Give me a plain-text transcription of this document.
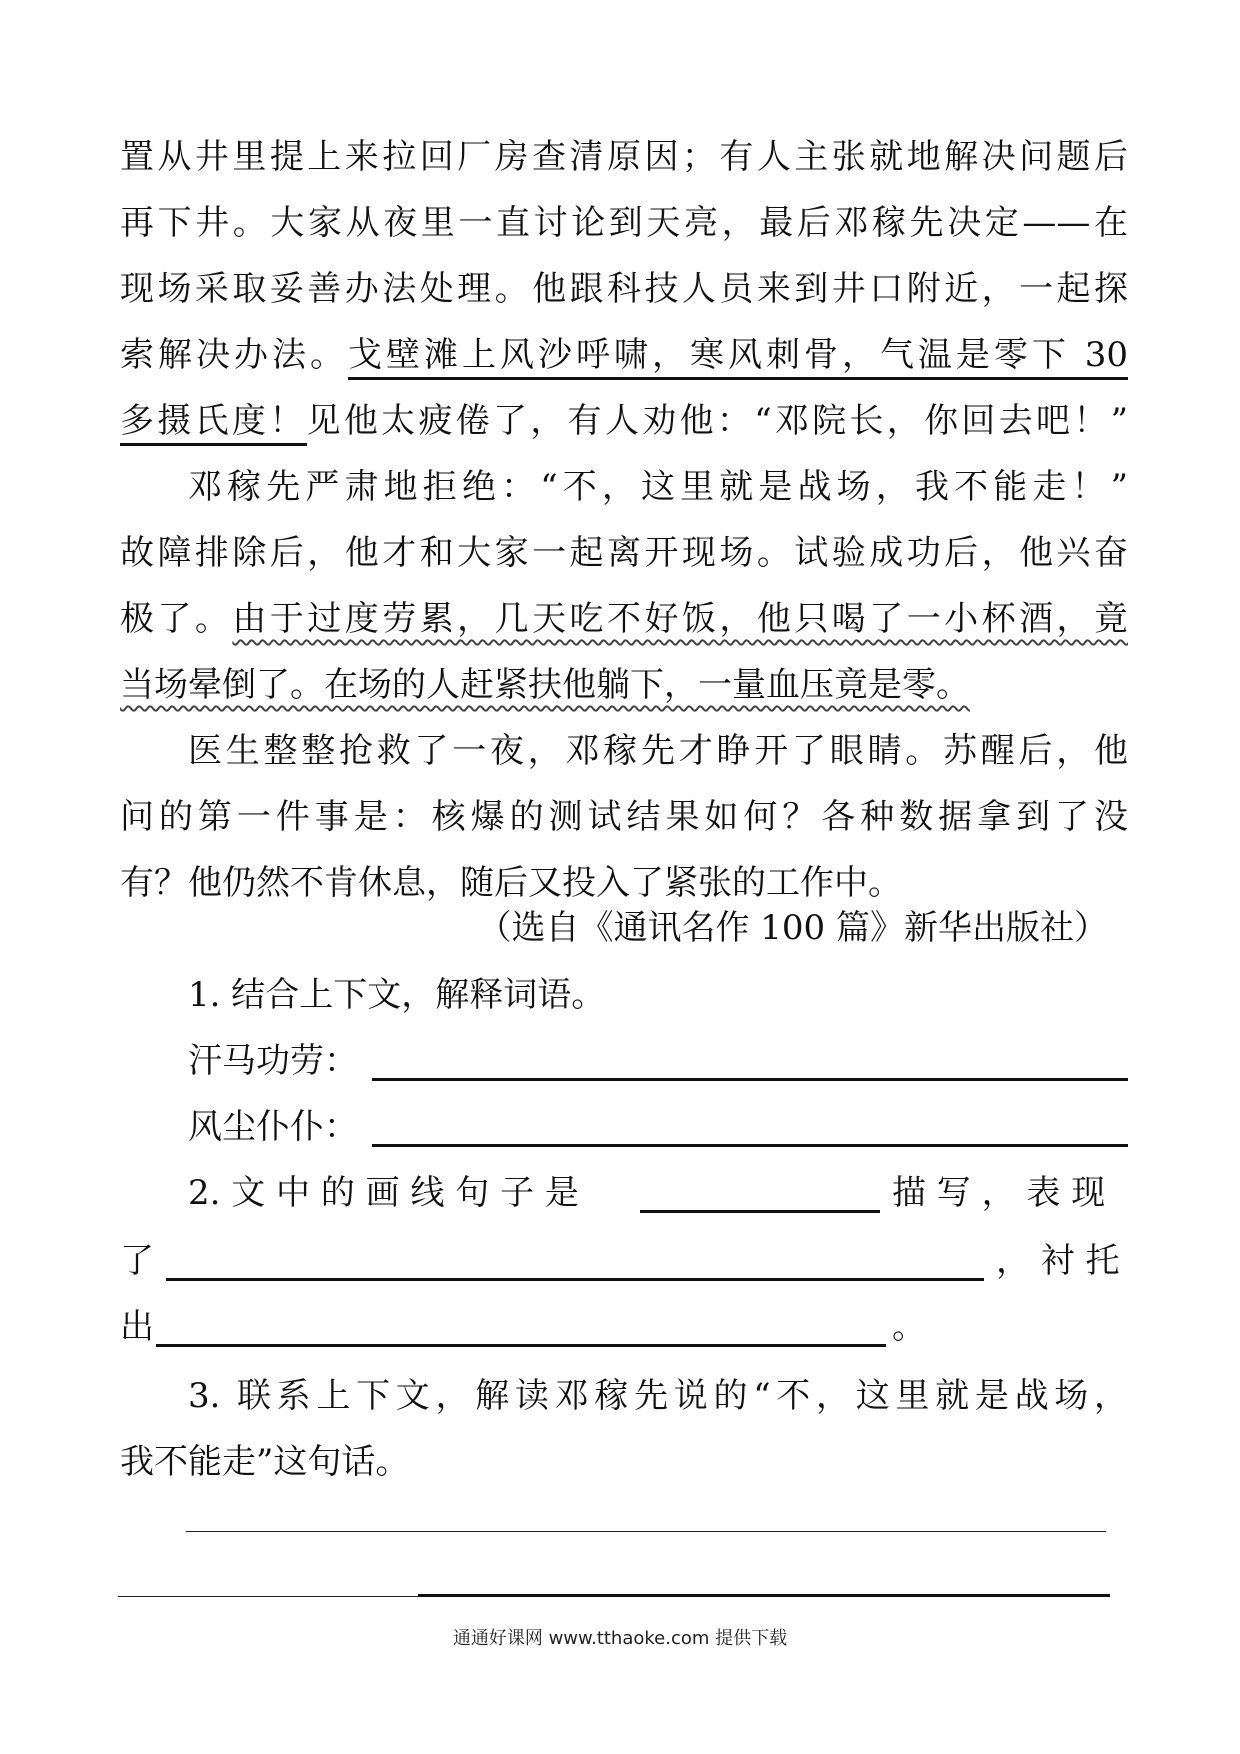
置从井里提上来拉回厂房查清原因；有人主张就地解决问题后
再下井。大家从夜里一直讨论到天亮，最后邓稼先决定——在
现场采取妥善办法处理。他跟科技人员来到井口附近，一起探
索解决办法。戈壁滩上风沙呼啸，寒风刺骨，气温是零下 30
多摄氏度！见他太疲倦了，有人劝他：“邓院长，你回去吧！”
邓稼先严肃地拒绝：“不，这里就是战场，我不能走！”
故障排除后，他才和大家一起离开现场。试验成功后，他兴奋
极了。由于过度劳累，几天吃不好饭，他只喝了一小杯酒，竟
当场晕倒了。在场的人赶紧扶他躺下，一量血压竟是零。
医生整整抢救了一夜，邓稼先才睁开了眼睛。苏醒后，他
问的第一件事是：核爆的测试结果如何？各种数据拿到了没
有？他仍然不肯休息，随后又投入了紧张的工作中。
（选自《通讯名作 100 篇》新华出版社）
1. 结合上下文，解释词语。
汗马功劳：
风尘仆仆：
2. 文 中 的 画 线 句 子 是	描 写 ， 表 现
了	， 衬 托
出	。
3. 联系上下文，解读邓稼先说的“不，这里就是战场，
我不能走”这句话。
通通好课网 www.tthaoke.com 提供下载
